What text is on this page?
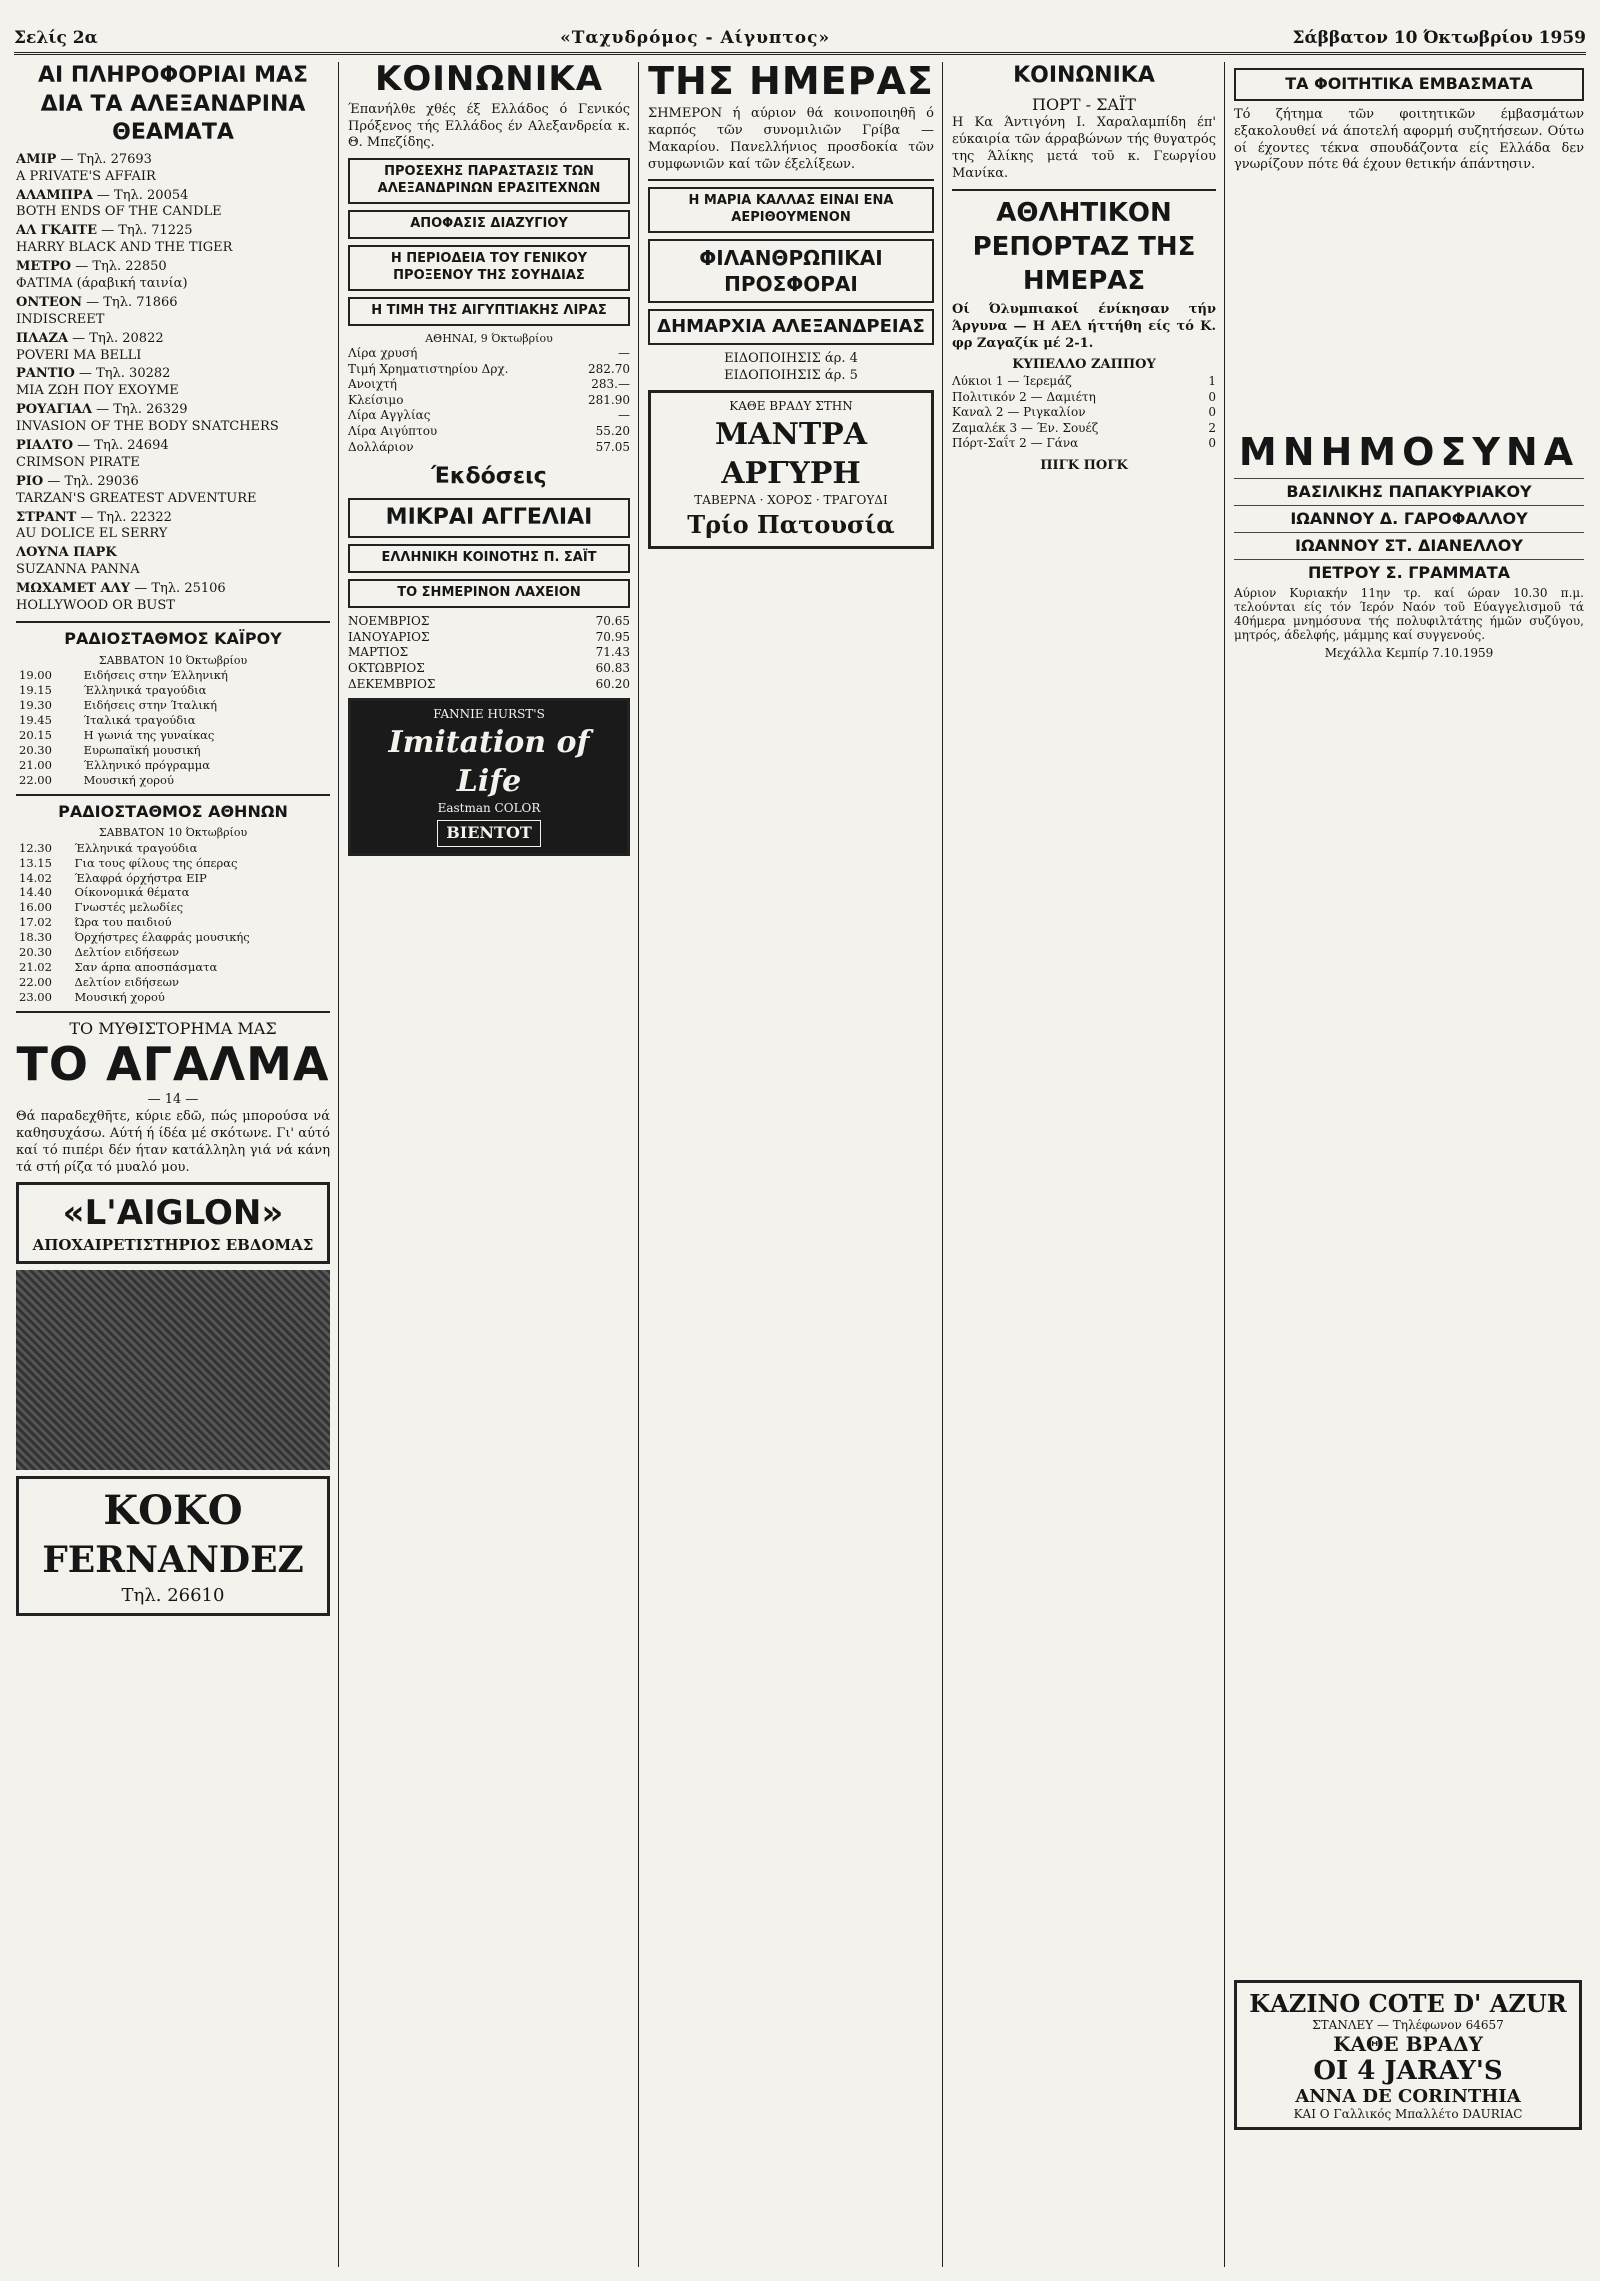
Σελίς 2α	«Ταχυδρόμος - Αίγυπτος»	Σάββατον 10 Όκτωβρίου 1959
ΑΙ ΠΛΗΡΟΦΟΡΙΑΙ ΜΑΣ ΔΙΑ ΤΑ ΑΛΕΞΑΝΔΡΙΝΑ ΘΕΑΜΑΤΑ
ΑΜΙΡ — Τηλ. 27693
A PRIVATE'S AFFAIR
ΑΛΑΜΠΡΑ — Τηλ. 20054
BOTH ENDS OF THE CANDLE
ΑΛ ΓΚΑΙΤΕ — Τηλ. 71225
HARRY BLACK AND THE TIGER
ΜΕΤΡΟ — Τηλ. 22850
ΦΑΤΙΜΑ (άραβική ταινία)
ΟΝΤΕΟΝ — Τηλ. 71866
INDISCREET
ΠΛΑΖΑ — Τηλ. 20822
POVERI MA BELLI
ΡΑΝΤΙΟ — Τηλ. 30282
ΜΙΑ ΖΩΗ ΠΟΥ ΕΧΟΥΜΕ
ΡΟΥΑΓΙΑΛ — Τηλ. 26329
INVASION OF THE BODY SNATCHERS
ΡΙΑΛΤΟ — Τηλ. 24694
CRIMSON PIRATE
ΡΙΟ — Τηλ. 29036
TARZAN'S GREATEST ADVENTURE
ΣΤΡΑΝΤ — Τηλ. 22322
AU DOLICE EL SERRY
ΛΟΥΝΑ ΠΑΡΚ
SUZANNA PANNA
ΜΩΧΑΜΕΤ ΑΛΥ — Τηλ. 25106
HOLLYWOOD OR BUST
ΡΑΔΙΟΣΤΑΘΜΟΣ ΚΑΪΡΟΥ
ΣΑΒΒΑΤΟΝ 10 Όκτωβρίου
19.00	Ειδήσεις στην Έλληνική
19.15	Έλληνικά τραγούδια
19.30	Ειδήσεις στην Ίταλική
19.45	Ίταλικά τραγούδια
20.15	Η γωνιά της γυναίκας
20.30	Ευρωπαϊκή μουσική
21.00	Έλληνικό πρόγραμμα
22.00	Μουσική χορού
ΡΑΔΙΟΣΤΑΘΜΟΣ ΑΘΗΝΩΝ
ΣΑΒΒΑΤΟΝ 10 Όκτωβρίου
12.30	Έλληνικά τραγούδια
13.15	Για τους φίλους της όπερας
14.02	Έλαφρά όρχήστρα ΕΙΡ
14.40	Οίκονομικά θέματα
16.00	Γνωστές μελωδίες
17.02	Ώρα του παιδιού
18.30	Όρχήστρες έλαφράς μουσικής
20.30	Δελτίον ειδήσεων
21.02	Σαν άρπα αποσπάσματα
22.00	Δελτίον ειδήσεων
23.00	Μουσική χορού
ΤΟ ΜΥΘΙΣΤΟΡΗΜΑ ΜΑΣ
ΤΟ ΑΓΑΛΜΑ
— 14 —

Θά παραδεχθῆτε, κύριε εδῶ, πώς μπορούσα νά καθησυχάσω. Αύτή ή ίδέα μέ σκότωνε. Γι' αύτό καί τό πιπέρι δέν ήταν κατάλληλη γιά νά κάνη τά στή ρίζα τό μυαλό μου.

«L'AIGLON»
ΑΠΟΧΑΙΡΕΤΙΣΤΗΡΙΟΣ ΕΒΔΟΜΑΣ
ΚΟΚΟ
FERNANDEZ
Τηλ. 26610
ΚΟΙΝΩΝΙΚΑ

Έπανήλθε χθές έξ Ελλάδος ό Γενικός Πρόξενος τής Ελλάδος έν Αλεξανδρεία κ. Θ. Μπεζίδης.

ΠΡΟΣΕΧΗΣ ΠΑΡΑΣΤΑΣΙΣ ΤΩΝ ΑΛΕΞΑΝΔΡΙΝΩΝ ΕΡΑΣΙΤΕΧΝΩΝ
ΑΠΟΦΑΣΙΣ ΔΙΑΖΥΓΙΟΥ
Η ΠΕΡΙΟΔΕΙΑ ΤΟΥ ΓΕΝΙΚΟΥ ΠΡΟΞΕΝΟΥ ΤΗΣ ΣΟΥΗΔΙΑΣ
Η ΤΙΜΗ ΤΗΣ ΑΙΓΥΠΤΙΑΚΗΣ ΛΙΡΑΣ
ΑΘΗΝΑΙ, 9 Όκτωβρίου
Λίρα χρυσή	—
Τιμή Χρηματιστηρίου Δρχ.	282.70
Ανοιχτή	283.—
Κλείσιμο	281.90
Λίρα Αγγλίας	—
Λίρα Αιγύπτου	55.20
Δολλάριον	57.05
Έκδόσεις
ΜΙΚΡΑΙ ΑΓΓΕΛΙΑΙ
ΕΛΛΗΝΙΚΗ ΚΟΙΝΟΤΗΣ Π. ΣΑΪΤ
ΤΟ ΣΗΜΕΡΙΝΟΝ ΛΑΧΕΙΟΝ
ΝΟΕΜΒΡΙΟΣ	70.65
ΙΑΝΟΥΑΡΙΟΣ	70.95
ΜΑΡΤΙΟΣ	71.43
ΟΚΤΩΒΡΙΟΣ	60.83
ΔΕΚΕΜΒΡΙΟΣ	60.20
FANNIE HURST'S
Imitation of Life
Eastman COLOR
ΒΙΕΝΤΟΤ
ΤΗΣ ΗΜΕΡΑΣ

ΣΗΜΕΡΟΝ ή αύριον θά κοινοποιηθῆ ό καρπός τῶν συνομιλιῶν Γρίβα — Μακαρίου. Πανελλήνιος προσδοκία τῶν συμφωνιῶν καί τῶν έξελίξεων.

Η ΜΑΡΙΑ ΚΑΛΛΑΣ ΕΙΝΑΙ ΕΝΑ ΑΕΡΙΘΟΥΜΕΝΟΝ
ΦΙΛΑΝΘΡΩΠΙΚΑΙ ΠΡΟΣΦΟΡΑΙ
ΔΗΜΑΡΧΙΑ ΑΛΕΞΑΝΔΡΕΙΑΣ
ΕΙΔΟΠΟΙΗΣΙΣ άρ. 4
ΕΙΔΟΠΟΙΗΣΙΣ άρ. 5
ΚΑΘΕ ΒΡΑΔΥ ΣΤΗΝ
ΜΑΝΤΡΑ ΑΡΓΥΡΗ
ΤΑΒΕΡΝΑ · ΧΟΡΟΣ · ΤΡΑΓΟΥΔΙ
Τρίο Πατουσία
ΚΟΙΝΩΝΙΚΑ
ΠΟΡΤ - ΣΑΪΤ

Η Κα Άντιγόνη Ι. Χαραλαμπίδη έπ' εύκαιρία τῶν άρραβώνων τής θυγατρός της Άλίκης μετά τοῦ κ. Γεωργίου Μανίκα.

ΑΘΛΗΤΙΚΟΝ ΡΕΠΟΡΤΑΖ ΤΗΣ ΗΜΕΡΑΣ

Οί Όλυμπιακοί ένίκησαν τήν Άργυνα — Η ΑΕΛ ήττήθη είς τό Κ. φρ Ζαγαζίκ μέ 2-1.

ΚΥΠΕΛΛΟ ΖΑΠΠΟΥ
Λύκιοι 1 — Ίερεμάζ	1
Πολιτικόν 2 — Δαμιέτη	0
Καναλ 2 — Ριγκαλίον	0
Ζαμαλέκ 3 — Έν. Σουέζ	2
Πόρτ-Σαΐτ 2 — Γάνα	0
ΠΙΓΚ ΠΟΓΚ
ΤΑ ΦΟΙΤΗΤΙΚΑ ΕΜΒΑΣΜΑΤΑ

Τό ζήτημα τῶν φοιτητικῶν έμβασμάτων εξακολουθεί νά άποτελή αφορμή συζητήσεων. Ούτω οί έχοντες τέκνα σπουδάζοντα είς Ελλάδα δεν γνωρίζουν πότε θά έχουν θετικήν άπάντησιν.

ΜΝΗΜΟΣΥΝΑ
ΒΑΣΙΛΙΚΗΣ ΠΑΠΑΚΥΡΙΑΚΟΥ
ΙΩΑΝΝΟΥ Δ. ΓΑΡΟΦΑΛΛΟΥ
ΙΩΑΝΝΟΥ ΣΤ. ΔΙΑΝΕΛΛΟΥ
ΠΕΤΡΟΥ Σ. ΓΡΑΜΜΑΤΑ

Αύριον Κυριακήν 11ην τρ. καί ώραν 10.30 π.μ. τελούνται είς τόν Ίερόν Ναόν τοῦ Εύαγγελισμοῦ τά 40ήμερα μνημόσυνα τής πολυφιλτάτης ήμῶν συζύγου, μητρός, άδελφής, μάμμης καί συγγενούς.

Μεχάλλα Κεμπίρ 7.10.1959
ΚΑΖΙΝΟ COTE D' AZUR
ΣΤΑΝΛΕΥ — Τηλέφωνον 64657
ΚΑΘΕ ΒΡΑΔΥ
ΟΙ 4 JARAY'S
ANNA DE CORINTHIA
ΚΑΙ Ο Γαλλικός Μπαλλέτο DAURIAC
